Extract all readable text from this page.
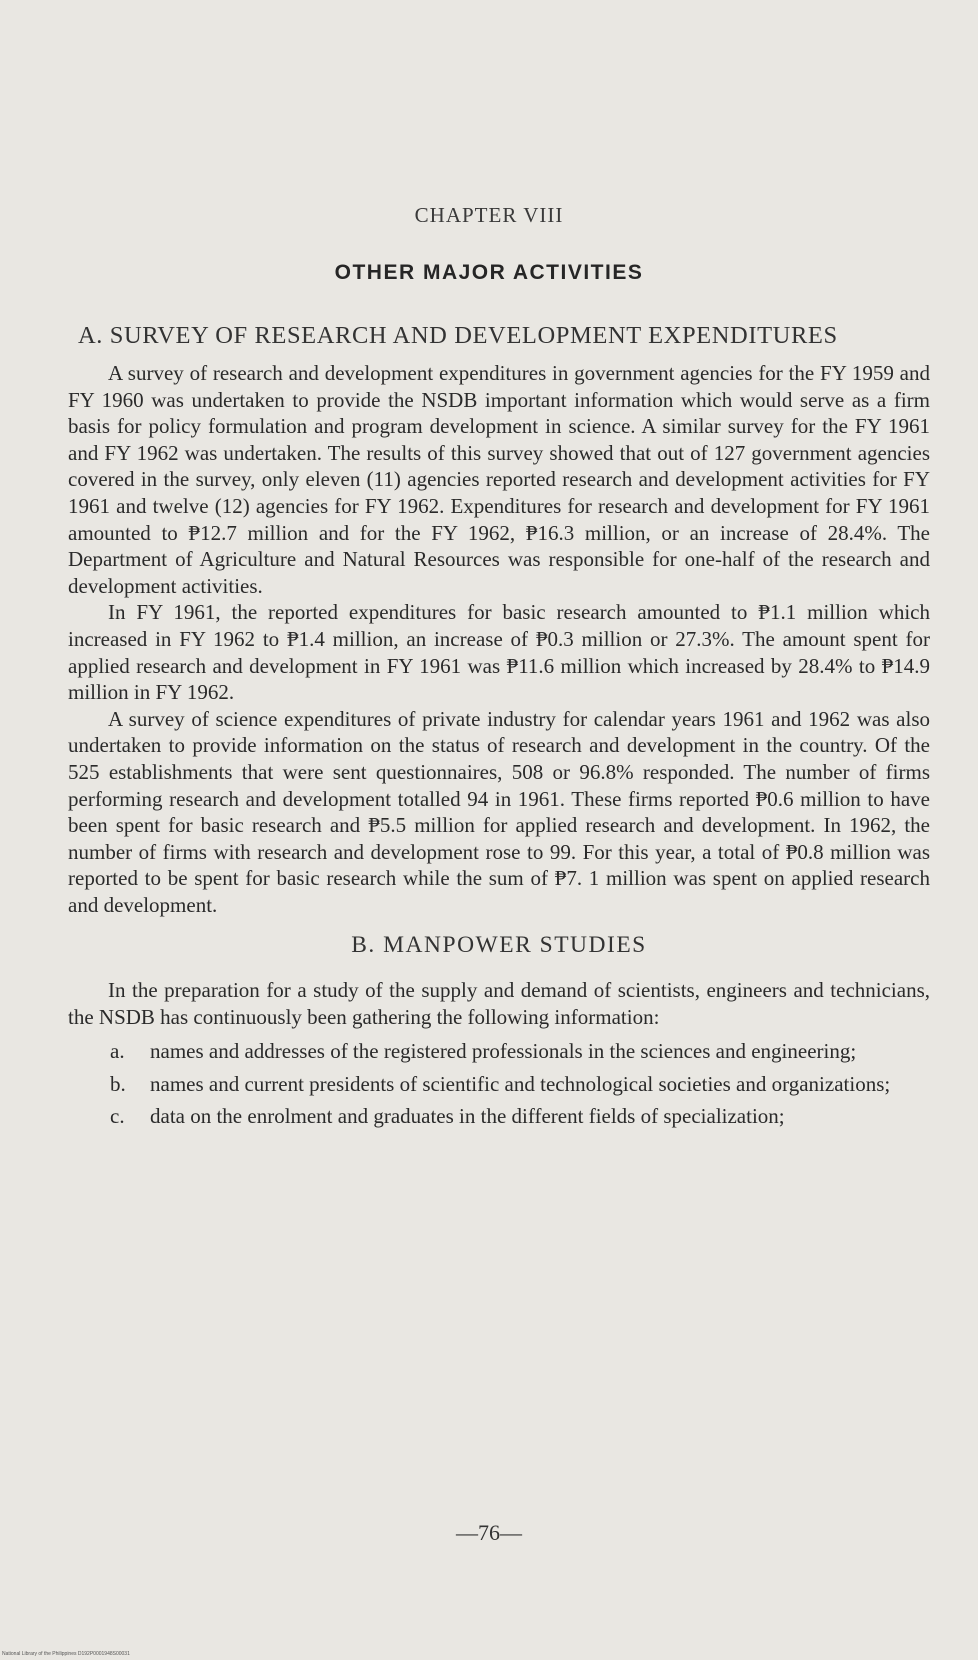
CHAPTER VIII
OTHER MAJOR ACTIVITIES
A. SURVEY OF RESEARCH AND DEVELOPMENT EXPENDITURES

A survey of research and development expenditures in government agencies for the FY 1959 and FY 1960 was undertaken to provide the NSDB important information which would serve as a firm basis for policy formulation and program development in science. A similar survey for the FY 1961 and FY 1962 was undertaken. The results of this survey showed that out of 127 government agencies covered in the survey, only eleven (11) agencies reported research and development activities for FY 1961 and twelve (12) agencies for FY 1962. Expenditures for research and development for FY 1961 amounted to ₱12.7 million and for the FY 1962, ₱16.3 million, or an increase of 28.4%. The Department of Agriculture and Natural Resources was responsible for one-half of the research and development activities.

In FY 1961, the reported expenditures for basic research amounted to ₱1.1 million which increased in FY 1962 to ₱1.4 million, an increase of ₱0.3 million or 27.3%. The amount spent for applied research and development in FY 1961 was ₱11.6 million which increased by 28.4% to ₱14.9 million in FY 1962.

A survey of science expenditures of private industry for calendar years 1961 and 1962 was also undertaken to provide information on the status of research and development in the country. Of the 525 establishments that were sent questionnaires, 508 or 96.8% responded. The number of firms performing research and development totalled 94 in 1961. These firms reported ₱0.6 million to have been spent for basic research and ₱5.5 million for applied research and development. In 1962, the number of firms with research and development rose to 99. For this year, a total of ₱0.8 million was reported to be spent for basic research while the sum of ₱7. 1 million was spent on applied research and development.

B. MANPOWER STUDIES

In the preparation for a study of the supply and demand of scientists, engineers and technicians, the NSDB has continuously been gathering the following information:

a. names and addresses of the registered professionals in the sciences and engineering;
b. names and current presidents of scientific and technological societies and organizations;
c. data on the enrolment and graduates in the different fields of specialization;
—76—
National Library of the Philippines D192P0001948S00031
